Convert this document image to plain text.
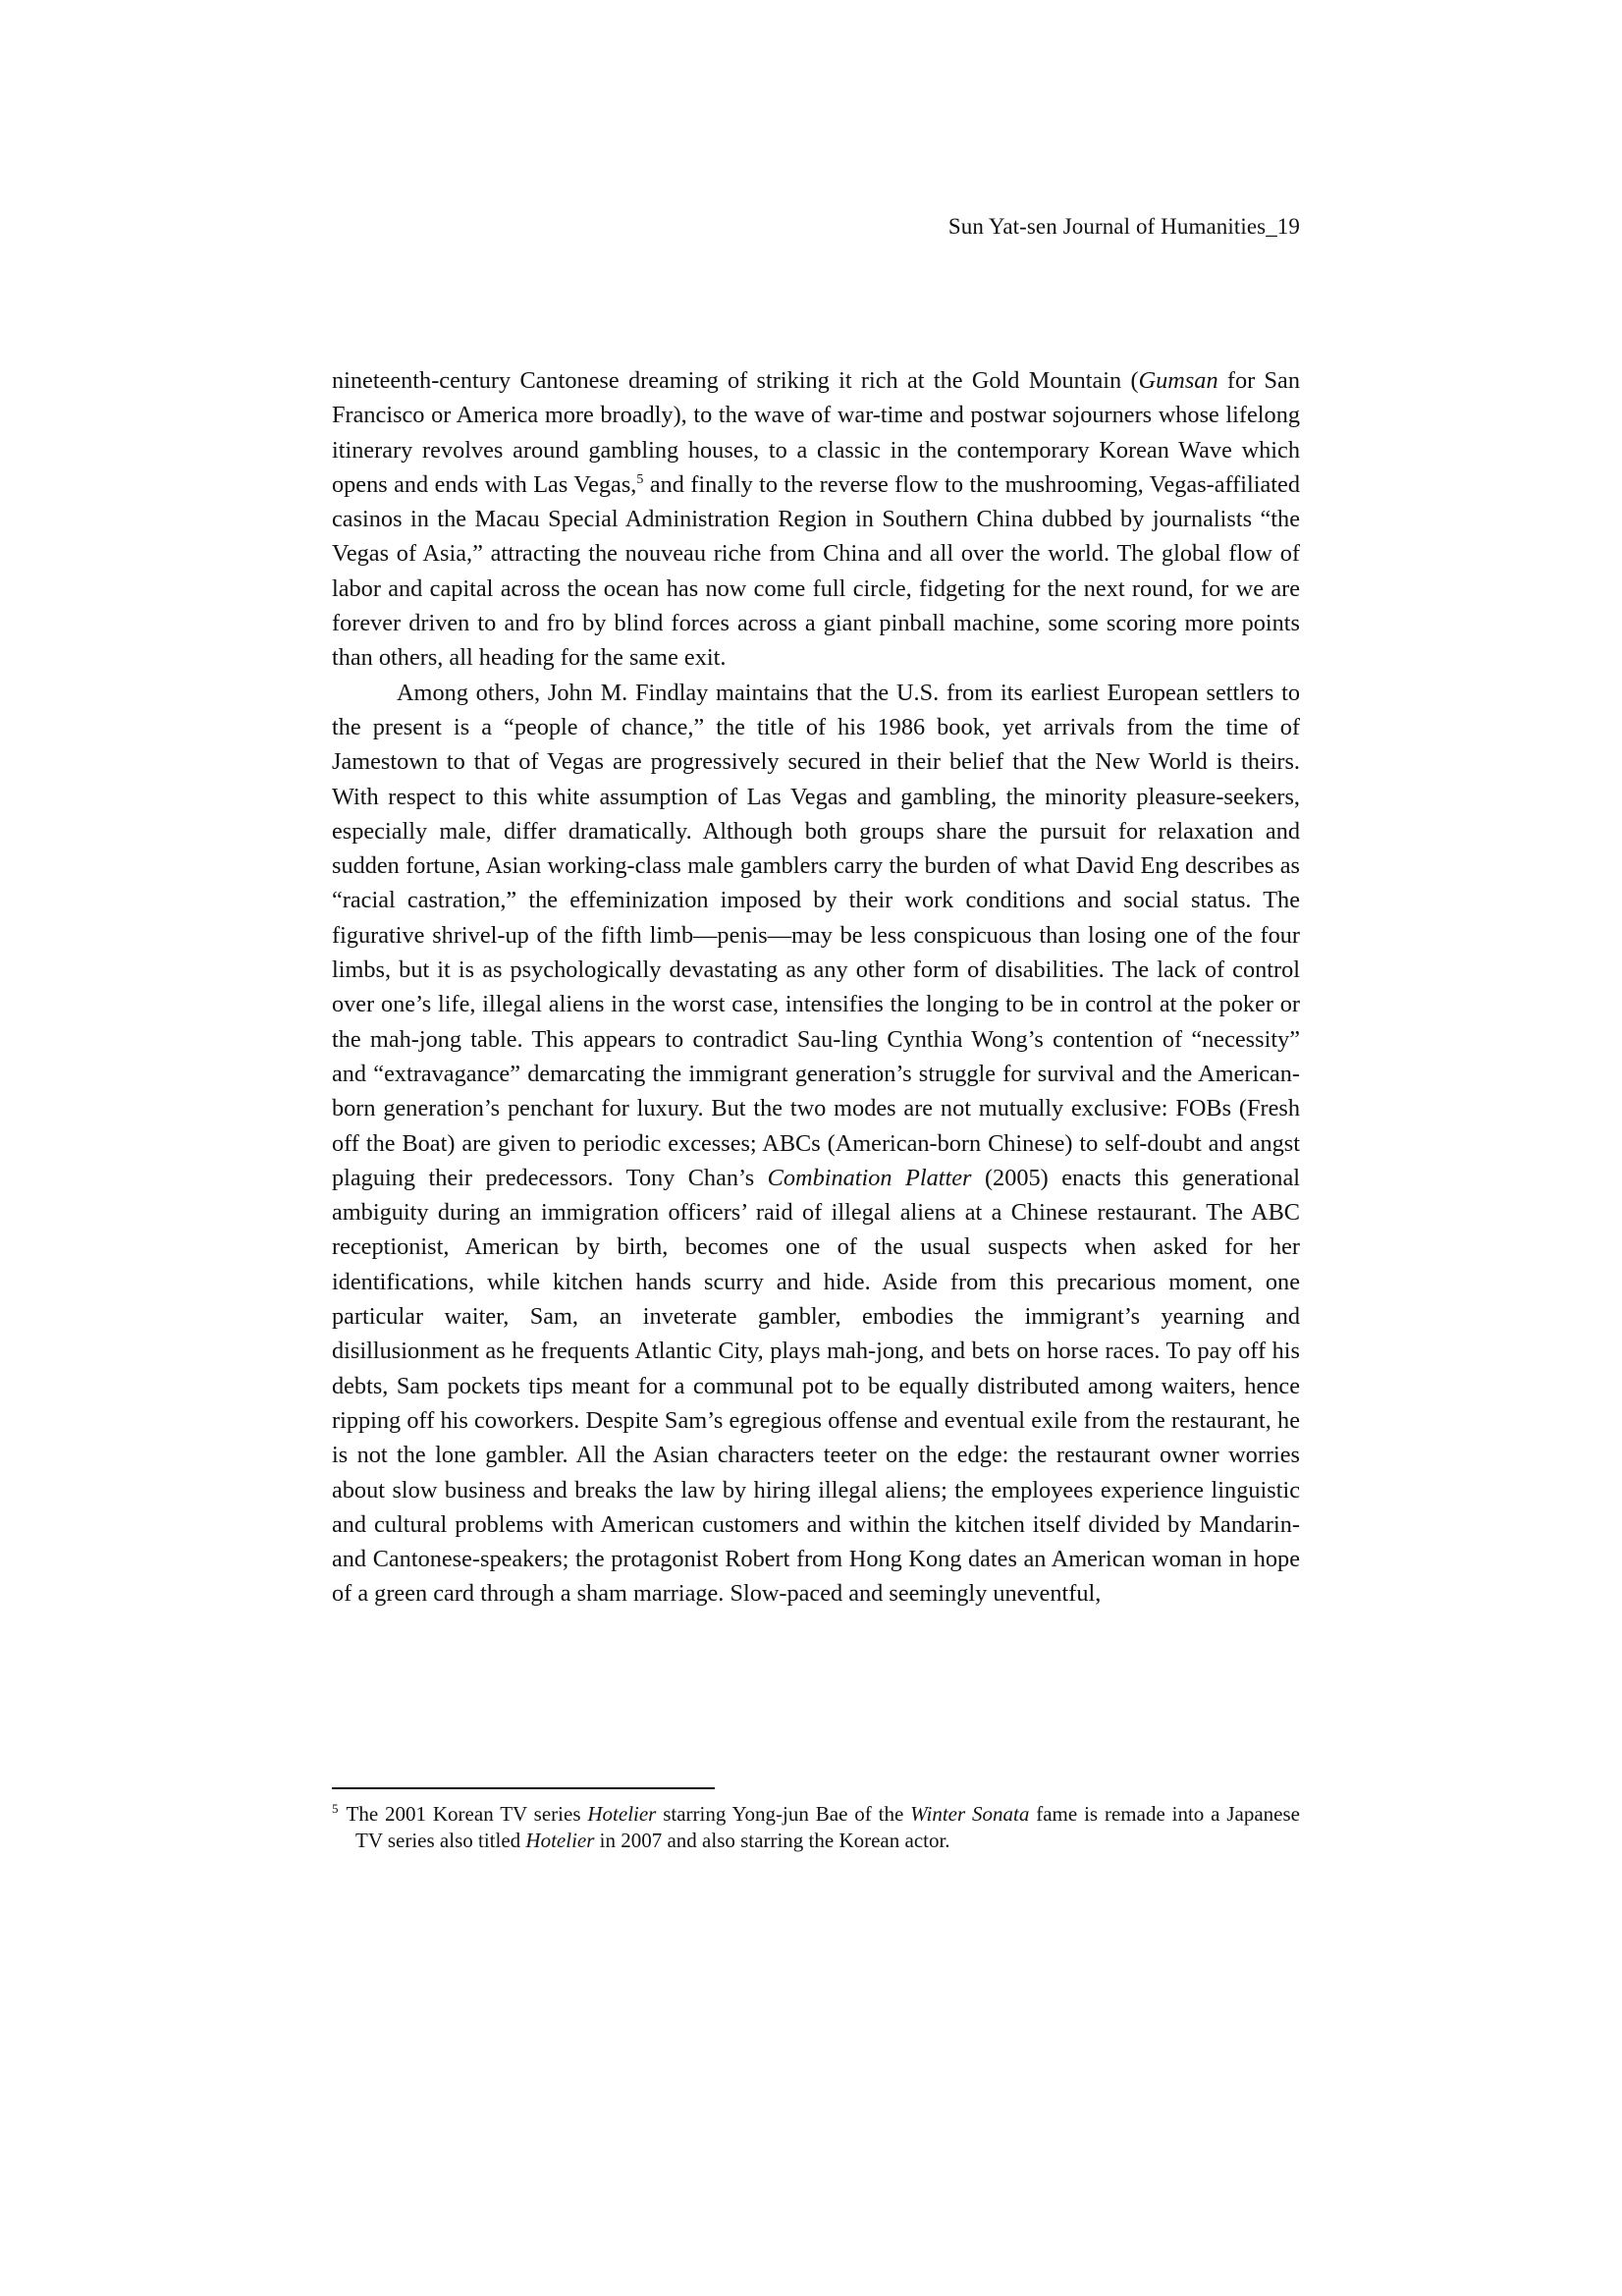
Sun Yat-sen Journal of Humanities_19

nineteenth-century Cantonese dreaming of striking it rich at the Gold Mountain (Gumsan for San Francisco or America more broadly), to the wave of war-time and postwar sojourners whose lifelong itinerary revolves around gambling houses, to a classic in the contemporary Korean Wave which opens and ends with Las Vegas,$^5$ and finally to the reverse flow to the mushrooming, Vegas-affiliated casinos in the Macau Special Administration Region in Southern China dubbed by journalists “the Vegas of Asia,” attracting the nouveau riche from China and all over the world. The global flow of labor and capital across the ocean has now come full circle, fidgeting for the next round, for we are forever driven to and fro by blind forces across a giant pinball machine, some scoring more points than others, all heading for the same exit.

Among others, John M. Findlay maintains that the U.S. from its earliest European settlers to the present is a “people of chance,” the title of his 1986 book, yet arrivals from the time of Jamestown to that of Vegas are progressively secured in their belief that the New World is theirs. With respect to this white assumption of Las Vegas and gambling, the minority pleasure-seekers, especially male, differ dramatically. Although both groups share the pursuit for relaxation and sudden fortune, Asian working-class male gamblers carry the burden of what David Eng describes as “racial castration,” the effeminization imposed by their work conditions and social status. The figurative shrivel-up of the fifth limb—penis—may be less conspicuous than losing one of the four limbs, but it is as psychologically devastating as any other form of disabilities. The lack of control over one’s life, illegal aliens in the worst case, intensifies the longing to be in control at the poker or the mah-jong table. This appears to contradict Sau-ling Cynthia Wong’s contention of “necessity” and “extravagance” demarcating the immigrant generation’s struggle for survival and the American-born generation’s penchant for luxury. But the two modes are not mutually exclusive: FOBs (Fresh off the Boat) are given to periodic excesses; ABCs (American-born Chinese) to self-doubt and angst plaguing their predecessors. Tony Chan’s Combination Platter (2005) enacts this generational ambiguity during an immigration officers’ raid of illegal aliens at a Chinese restaurant. The ABC receptionist, American by birth, becomes one of the usual suspects when asked for her identifications, while kitchen hands scurry and hide. Aside from this precarious moment, one particular waiter, Sam, an inveterate gambler, embodies the immigrant’s yearning and disillusionment as he frequents Atlantic City, plays mah-jong, and bets on horse races. To pay off his debts, Sam pockets tips meant for a communal pot to be equally distributed among waiters, hence ripping off his coworkers. Despite Sam’s egregious offense and eventual exile from the restaurant, he is not the lone gambler. All the Asian characters teeter on the edge: the restaurant owner worries about slow business and breaks the law by hiring illegal aliens; the employees experience linguistic and cultural problems with American customers and within the kitchen itself divided by Mandarin- and Cantonese-speakers; the protagonist Robert from Hong Kong dates an American woman in hope of a green card through a sham marriage. Slow-paced and seemingly uneventful,

$^5$ The 2001 Korean TV series Hotelier starring Yong-jun Bae of the Winter Sonata fame is remade into a Japanese TV series also titled Hotelier in 2007 and also starring the Korean actor.
